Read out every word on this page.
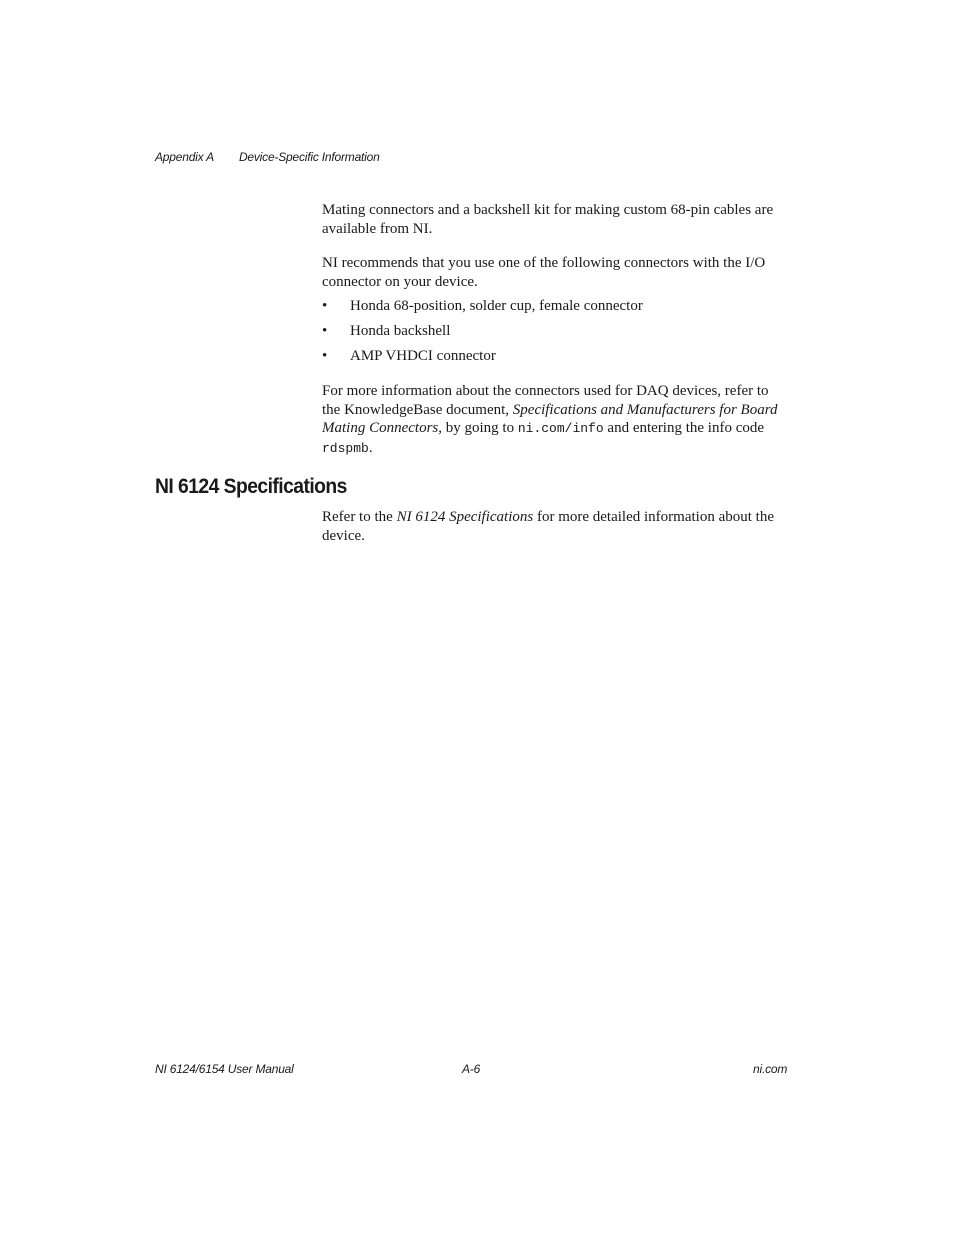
Appendix A Device-Specific Information

Mating connectors and a backshell kit for making custom 68-pin cables are available from NI.

NI recommends that you use one of the following connectors with the I/O connector on your device.

• Honda 68-position, solder cup, female connector
• Honda backshell
• AMP VHDCI connector

For more information about the connectors used for DAQ devices, refer to the KnowledgeBase document, Specifications and Manufacturers for Board Mating Connectors, by going to ni.com/info and entering the info code rdspmb.

NI 6124 Specifications

Refer to the NI 6124 Specifications for more detailed information about the device.

NI 6124/6154 User Manual	A-6	ni.com
